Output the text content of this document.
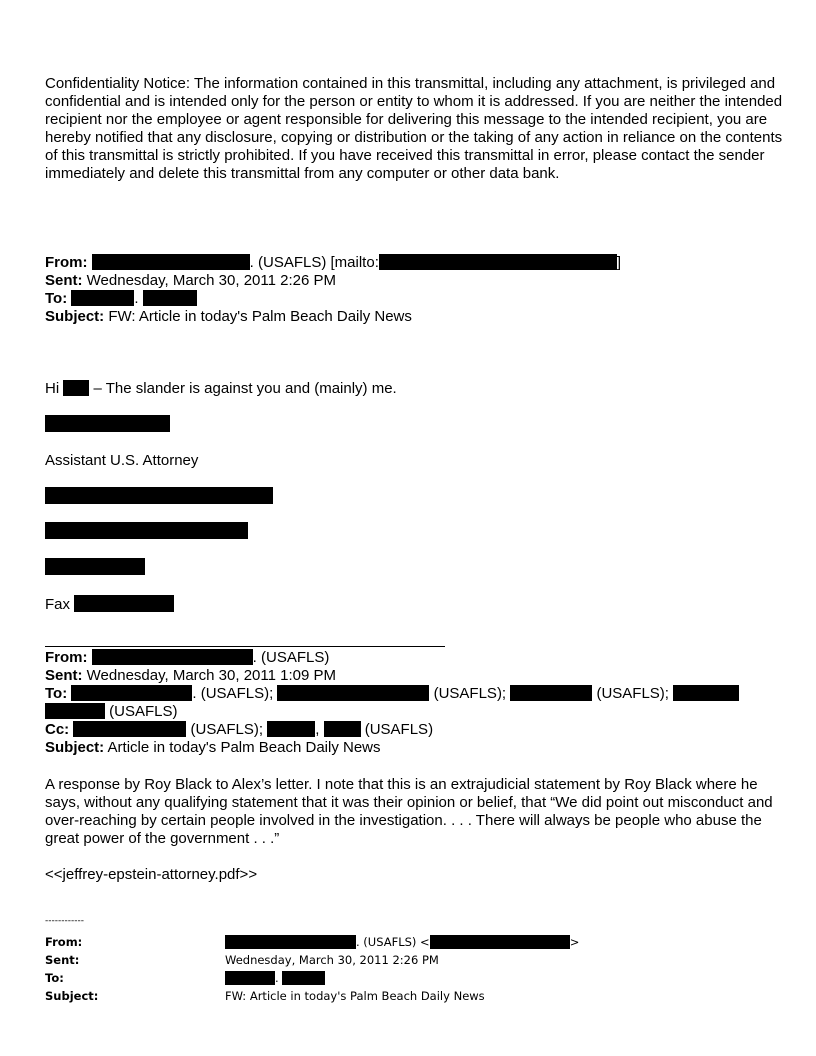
Confidentiality Notice: The information contained in this transmittal, including any attachment, is privileged and confidential and is intended only for the person or entity to whom it is addressed. If you are neither the intended recipient nor the employee or agent responsible for delivering this message to the intended recipient, you are hereby notified that any disclosure, copying or distribution or the taking of any action in reliance on the contents of this transmittal is strictly prohibited. If you have received this transmittal in error, please contact the sender immediately and delete this transmittal from any computer or other data bank.
From:	. (USAFLS) [mailto:	]
Sent: Wednesday, March 30, 2011 2:26 PM
To:	.
Subject: FW: Article in today's Palm Beach Daily News
Hi  – The slander is against you and (mainly) me.
Assistant U.S. Attorney
Fax
From:	. (USAFLS)
Sent: Wednesday, March 30, 2011 1:09 PM
To:	. (USAFLS);	(USAFLS);	(USAFLS);
(USAFLS)
Cc:	(USAFLS);	,	(USAFLS)
Subject: Article in today's Palm Beach Daily News
A response by Roy Black to Alex’s letter. I note that this is an extrajudicial statement by Roy Black where he says, without any qualifying statement that it was their opinion or belief, that “We did point out misconduct and over-reaching by certain people involved in the investigation. . . . There will always be people who abuse the great power of the government . . .”
<<jeffrey-epstein-attorney.pdf>>
------------
From:	. (USAFLS) <	>
Sent:	Wednesday, March 30, 2011 2:26 PM
To:	.
Subject:	FW: Article in today's Palm Beach Daily News
